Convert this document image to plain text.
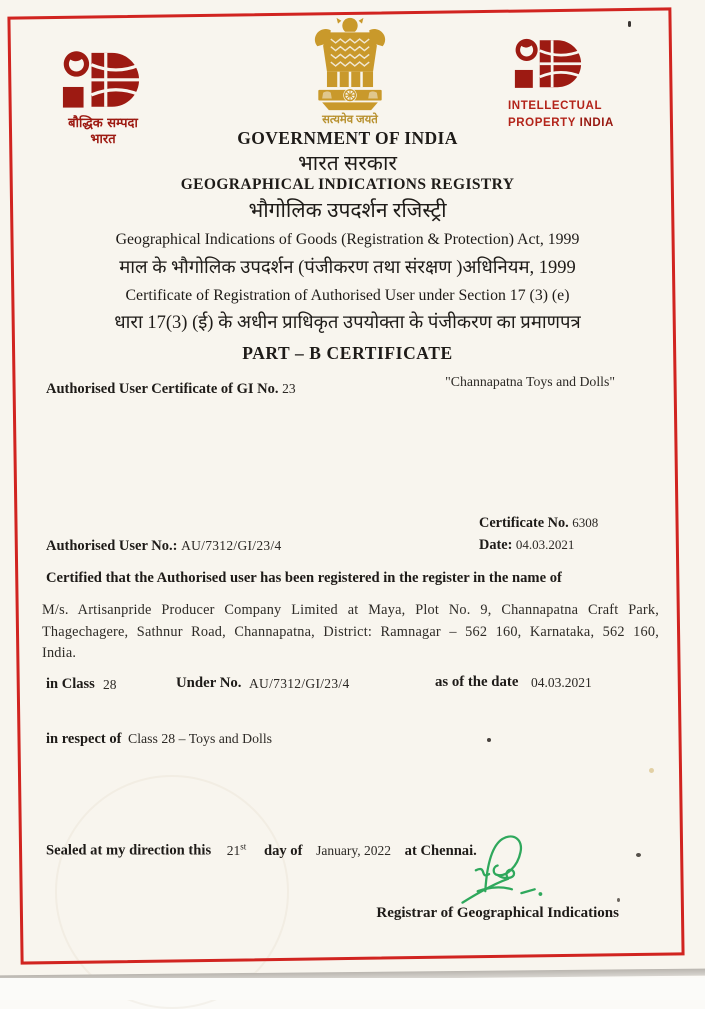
बौद्धिक सम्पदा
भारत
सत्यमेव जयते
INTELLECTUAL
PROPERTY INDIA
GOVERNMENT OF INDIA
भारत सरकार
GEOGRAPHICAL INDICATIONS REGISTRY
भौगोलिक उपदर्शन रजिस्ट्री
Geographical Indications of Goods (Registration & Protection) Act, 1999
माल के भौगोलिक उपदर्शन (पंजीकरण तथा संरक्षण )अधिनियम, 1999
Certificate of Registration of Authorised User under Section 17 (3) (e)
धारा 17(3) (ई) के अधीन प्राधिकृत उपयोक्ता के पंजीकरण का प्रमाणपत्र
PART – B CERTIFICATE
Authorised User Certificate of GI No. 23	"Channapatna Toys and Dolls"
Certificate No. 6308
Date: 04.03.2021
Authorised User No.: AU/7312/GI/23/4
Certified that the Authorised user has been registered in the register in the name of
M/s. Artisanpride Producer Company Limited at Maya, Plot No. 9, Channapatna Craft Park, Thagechagere, Sathnur Road, Channapatna, District: Ramnagar – 562 160, Karnataka, 562 160, India.
in Class 28	Under No. AU/7312/GI/23/4	as of the date 04.03.2021
in respect of Class 28 – Toys and Dolls
Sealed at my direction this 21st day of January, 2022 at Chennai.
Registrar of Geographical Indications
